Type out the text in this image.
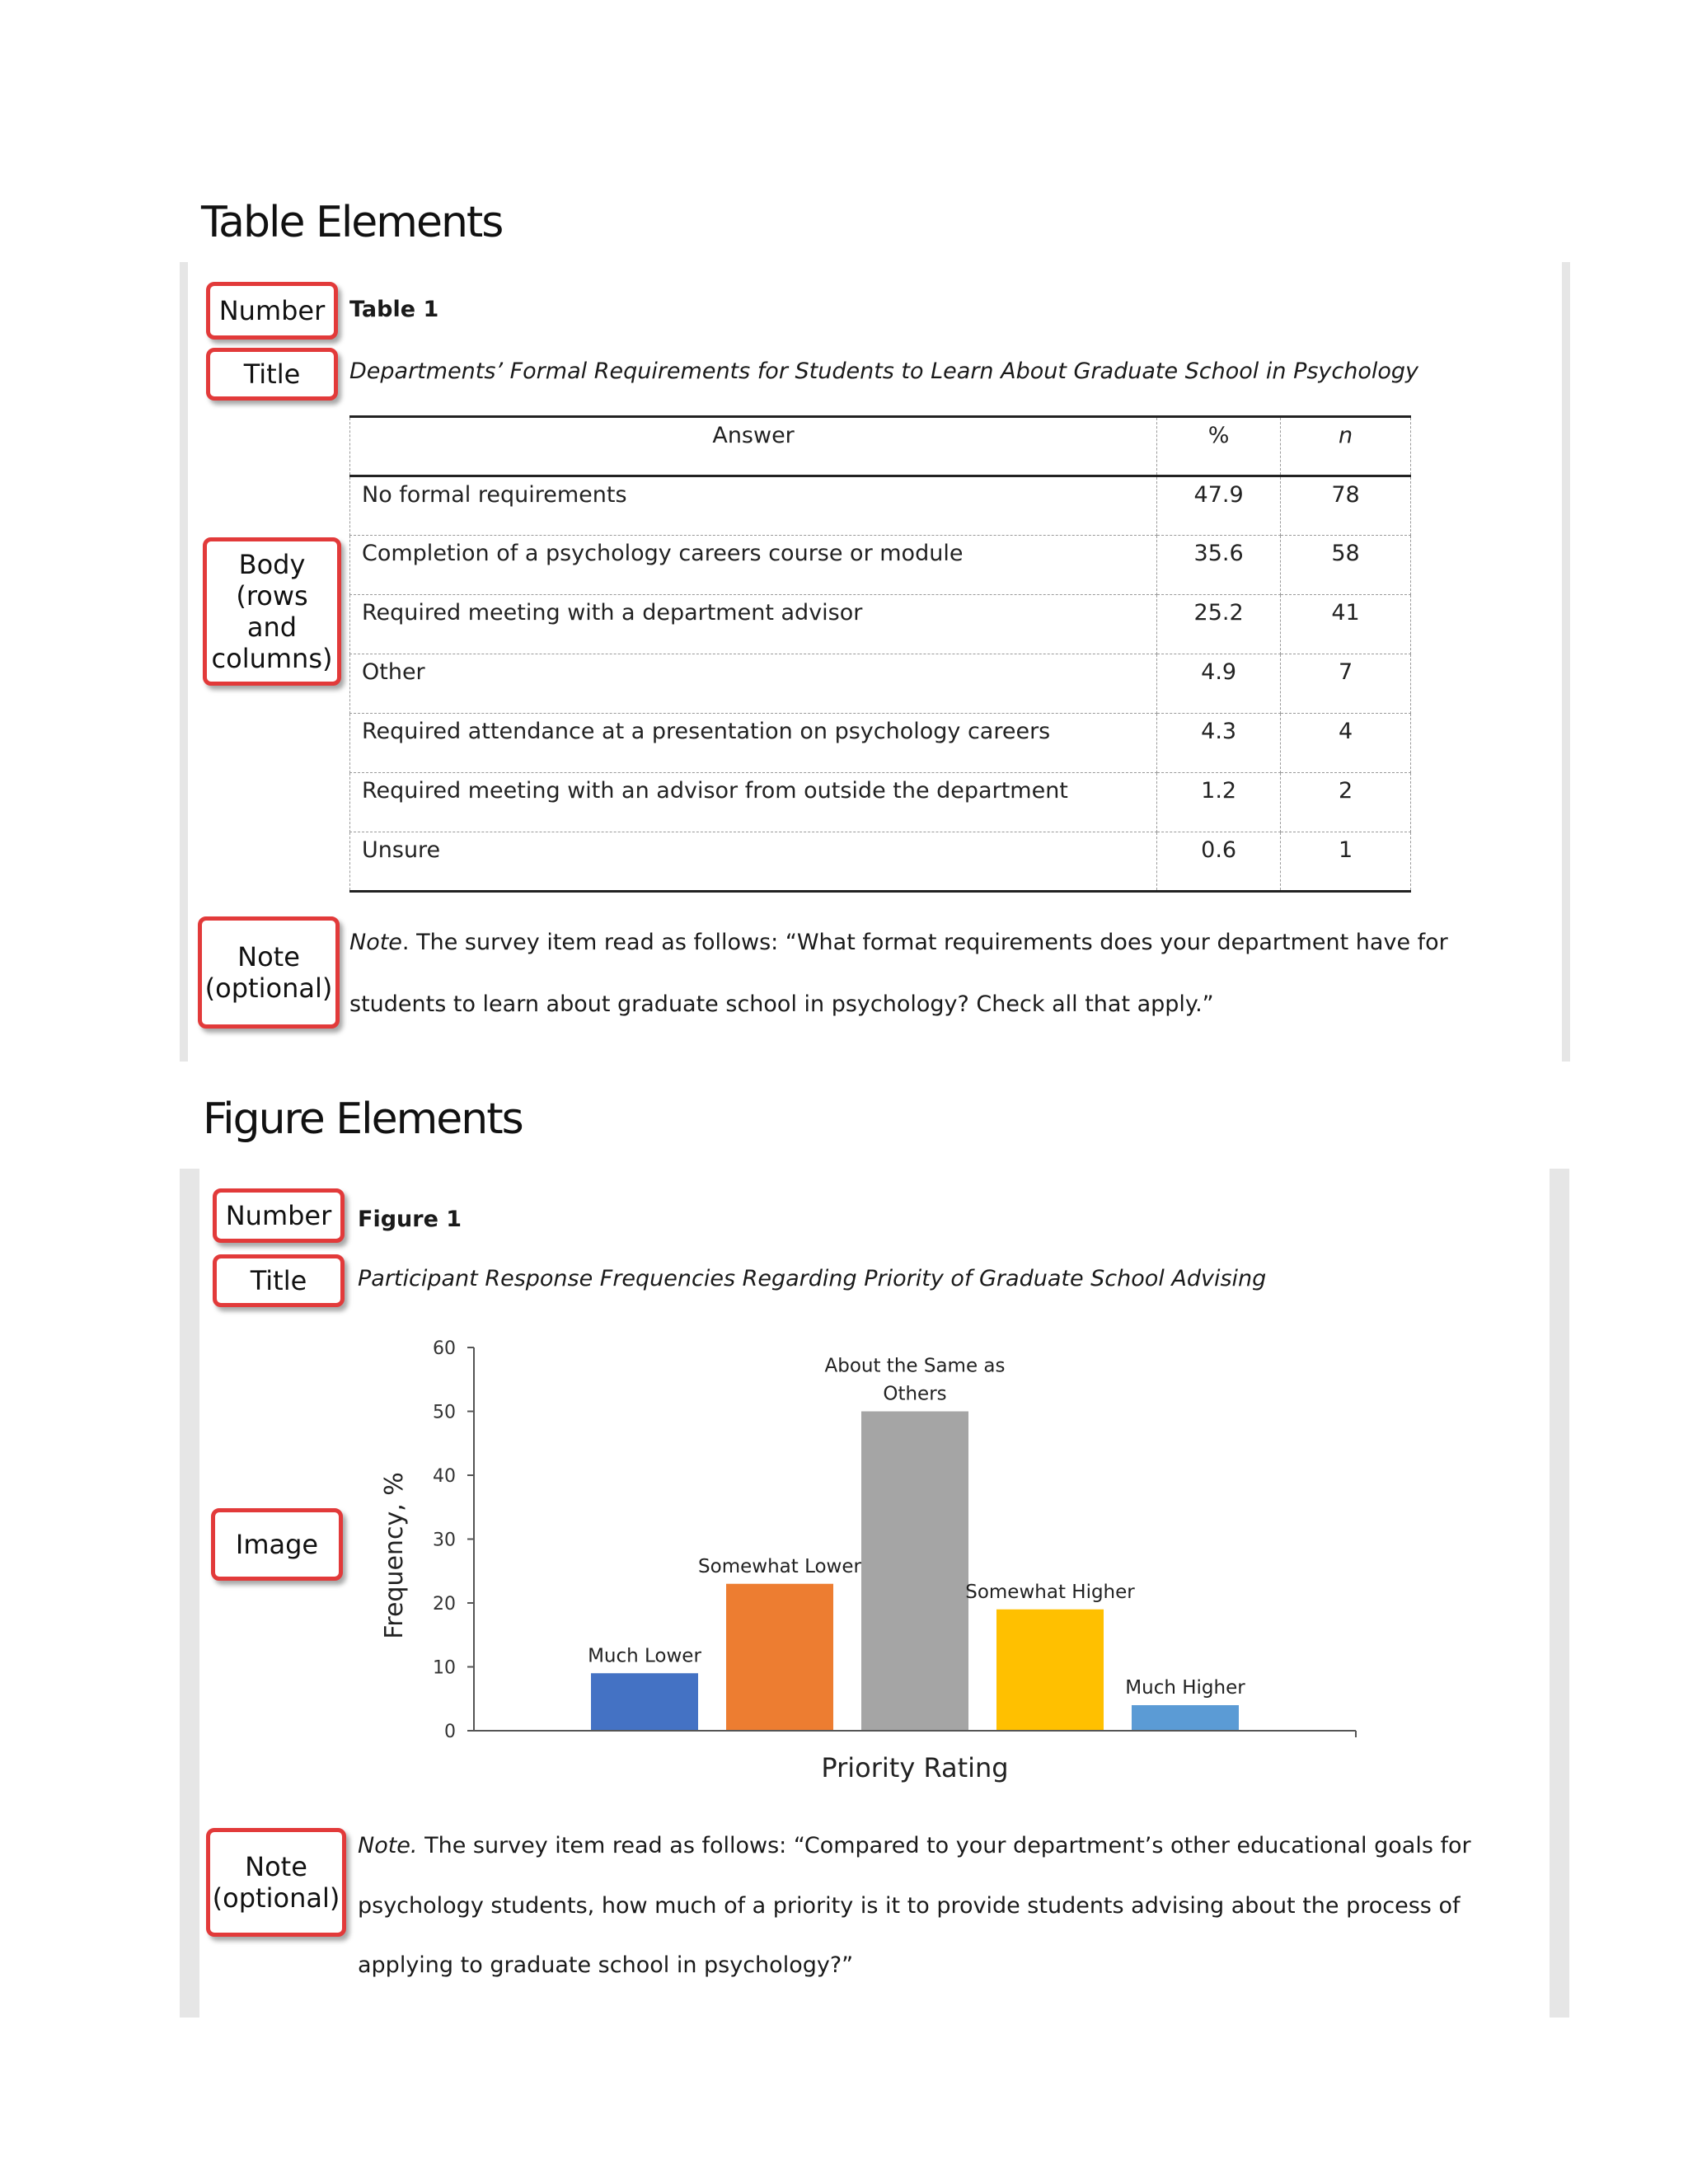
Table Elements
Number
Title
Body (rows and columns)
Note (optional)
Table 1
Departments’ Formal Requirements for Students to Learn About Graduate School in Psychology
Answer	%	n
No formal requirements	47.9	78
Completion of a psychology careers course or module	35.6	58
Required meeting with a department advisor	25.2	41
Other	4.9	7
Required attendance at a presentation on psychology careers	4.3	4
Required meeting with an advisor from outside the department	1.2	2
Unsure	0.6	1
Note. The survey item read as follows: “What format requirements does your department have for
students to learn about graduate school in psychology? Check all that apply.”
Figure Elements
Number
Title
Image
Note (optional)
Figure 1
Participant Response Frequencies Regarding Priority of Graduate School Advising
0
10
20
30
40
50
60
Much Lower
Somewhat Lower
About the Same as
Others
Somewhat Higher
Much Higher
Frequency, %
Priority Rating
Note. The survey item read as follows: “Compared to your department’s other educational goals for
psychology students, how much of a priority is it to provide students advising about the process of
applying to graduate school in psychology?”
